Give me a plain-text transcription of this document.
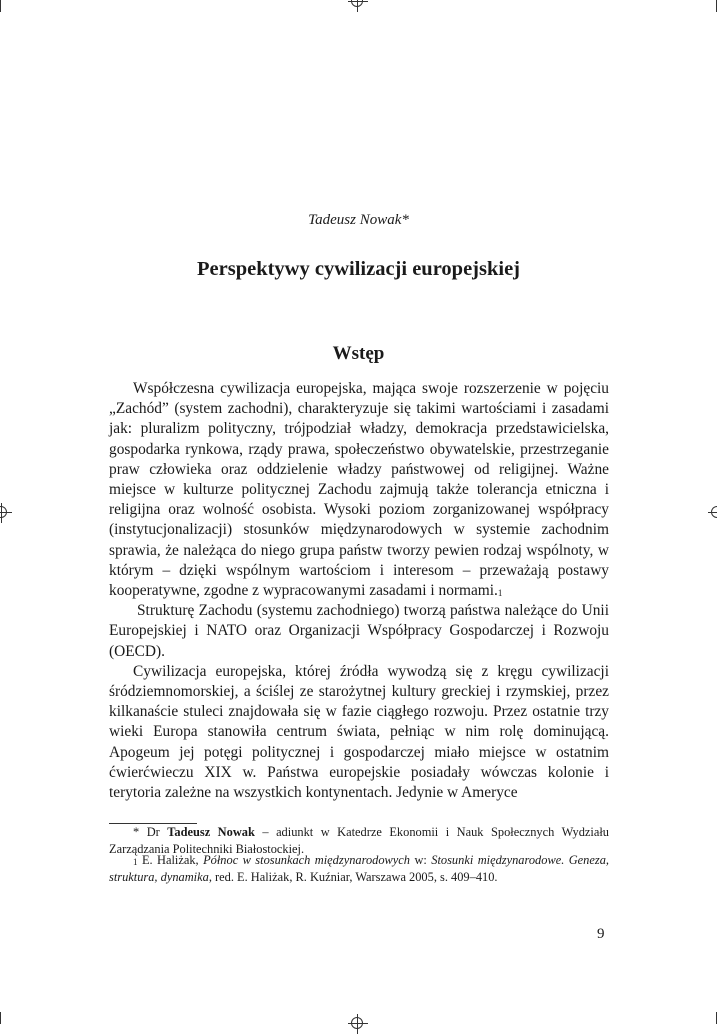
Tadeusz Nowak*
Perspektywy cywilizacji europejskiej
Wstęp

Współczesna cywilizacja europejska, mająca swoje rozszerzenie w pojęciu „Zachód” (system zachodni), charakteryzuje się takimi wartościami i zasadami jak: pluralizm polityczny, trójpodział władzy, demokracja przedstawicielska, gospodarka rynkowa, rządy prawa, społeczeństwo obywatelskie, przestrzeganie praw człowieka oraz oddzielenie władzy państwowej od religijnej. Ważne miejsce w kulturze politycznej Zachodu zajmują także tolerancja etniczna i religijna oraz wolność osobista. Wysoki poziom zorganizowanej współpracy (instytucjonalizacji) stosunków międzynarodowych w systemie zachodnim sprawia, że należąca do niego grupa państw tworzy pewien rodzaj wspólnoty, w którym – dzięki wspólnym wartościom i interesom – przeważają postawy kooperatywne, zgodne z wypracowanymi zasadami i normami.$^1$

Strukturę Zachodu (systemu zachodniego) tworzą państwa należące do Unii Europejskiej i NATO oraz Organizacji Współpracy Gospodarczej i Rozwoju (OECD).

Cywilizacja europejska, której źródła wywodzą się z kręgu cywilizacji śródziemnomorskiej, a ściślej ze starożytnej kultury greckiej i rzymskiej, przez kilkanaście stuleci znajdowała się w fazie ciągłego rozwoju. Przez ostatnie trzy wieki Europa stanowiła centrum świata, pełniąc w nim rolę dominującą. Apogeum jej potęgi politycznej i gospodarczej miało miejsce w ostatnim ćwierćwieczu XIX w. Państwa europejskie posiadały wówczas kolonie i terytoria zależne na wszystkich kontynentach. Jedynie w Ameryce

* Dr Tadeusz Nowak – adiunkt w Katedrze Ekonomii i Nauk Społecznych Wydziału Zarządzania Politechniki Białostockiej.
$^1$ E. Haliżak, Północ w stosunkach międzynarodowych w: Stosunki międzynarodowe. Geneza, struktura, dynamika, red. E. Haliżak, R. Kuźniar, Warszawa 2005, s. 409–410.
9
